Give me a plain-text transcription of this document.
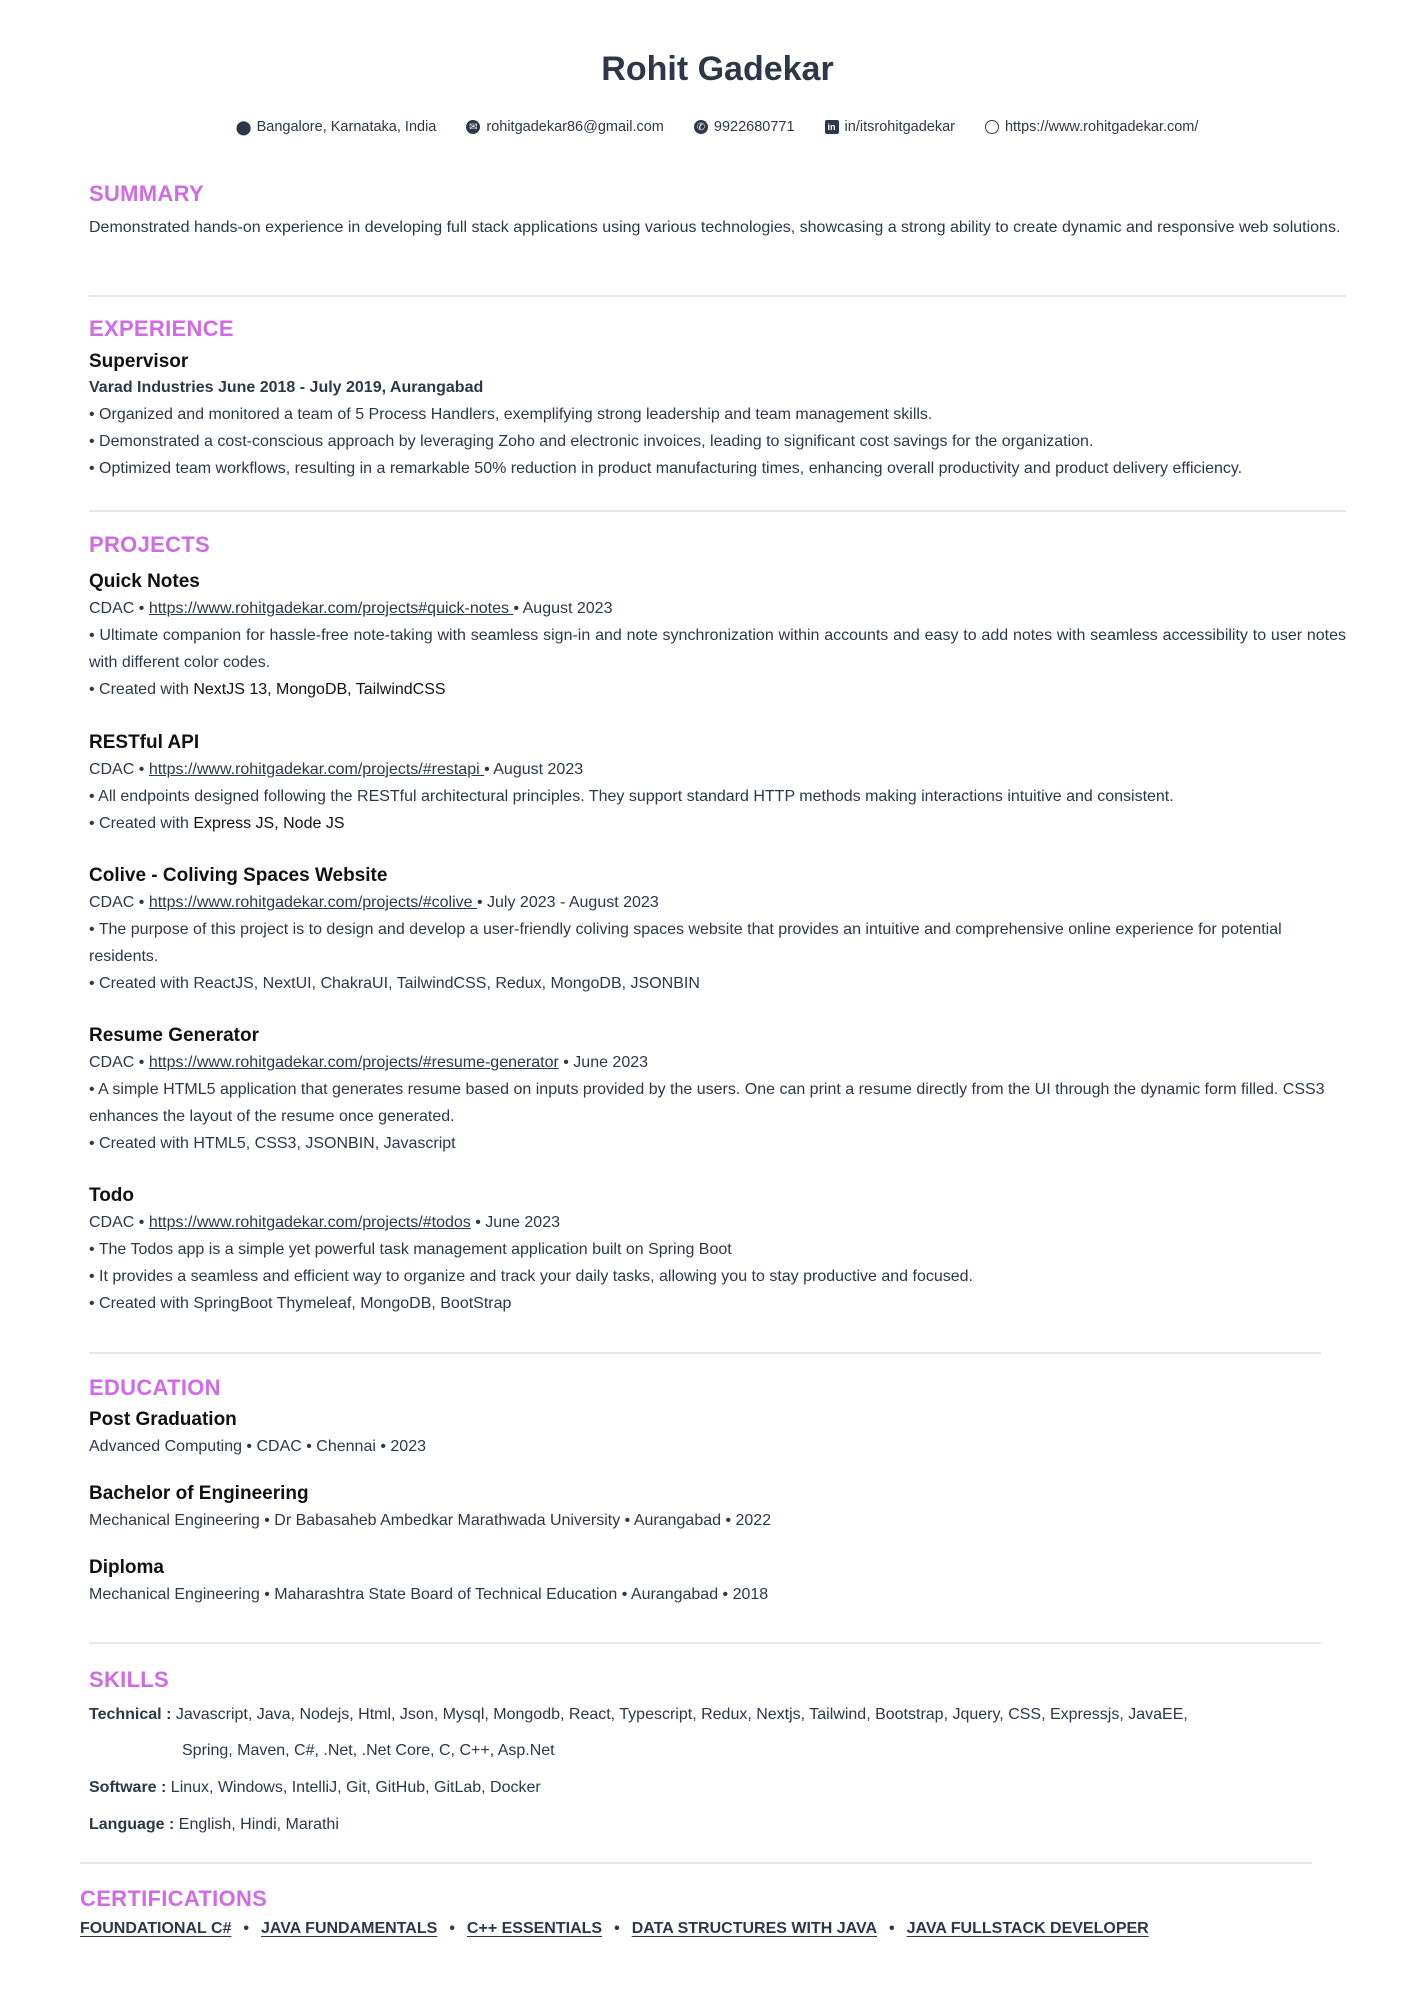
Rohit Gadekar
⬤ Bangalore, Karnataka, India	✉ rohitgadekar86@gmail.com	✆ 9922680771	in in/itsrohitgadekar	https://www.rohitgadekar.com/
SUMMARY
Demonstrated hands-on experience in developing full stack applications using various technologies, showcasing a strong ability to create dynamic and responsive web solutions.
EXPERIENCE
Supervisor
Varad Industries June 2018 - July 2019, Aurangabad
• Organized and monitored a team of 5 Process Handlers, exemplifying strong leadership and team management skills.
• Demonstrated a cost-conscious approach by leveraging Zoho and electronic invoices, leading to significant cost savings for the organization.
• Optimized team workflows, resulting in a remarkable 50% reduction in product manufacturing times, enhancing overall productivity and product delivery efficiency.
PROJECTS
Quick Notes
CDAC • https://www.rohitgadekar.com/projects#quick-notes • August 2023
• Ultimate companion for hassle-free note-taking with seamless sign-in and note synchronization within accounts and easy to add notes with seamless accessibility to user notes with different color codes.
• Created with NextJS 13, MongoDB, TailwindCSS
RESTful API
CDAC • https://www.rohitgadekar.com/projects/#restapi • August 2023
• All endpoints designed following the RESTful architectural principles. They support standard HTTP methods making interactions intuitive and consistent.
• Created with Express JS, Node JS
Colive - Coliving Spaces Website
CDAC • https://www.rohitgadekar.com/projects/#colive • July 2023 - August 2023
• The purpose of this project is to design and develop a user-friendly coliving spaces website that provides an intuitive and comprehensive online experience for potential residents.
• Created with ReactJS, NextUI, ChakraUI, TailwindCSS, Redux, MongoDB, JSONBIN
Resume Generator
CDAC • https://www.rohitgadekar.com/projects/#resume-generator • June 2023
• A simple HTML5 application that generates resume based on inputs provided by the users. One can print a resume directly from the UI through the dynamic form filled. CSS3 enhances the layout of the resume once generated.
• Created with HTML5, CSS3, JSONBIN, Javascript
Todo
CDAC • https://www.rohitgadekar.com/projects/#todos • June 2023
• The Todos app is a simple yet powerful task management application built on Spring Boot
• It provides a seamless and efficient way to organize and track your daily tasks, allowing you to stay productive and focused.
• Created with SpringBoot Thymeleaf, MongoDB, BootStrap
EDUCATION
Post Graduation
Advanced Computing • CDAC • Chennai • 2023
Bachelor of Engineering
Mechanical Engineering • Dr Babasaheb Ambedkar Marathwada University • Aurangabad • 2022
Diploma
Mechanical Engineering • Maharashtra State Board of Technical Education • Aurangabad • 2018
SKILLS
Technical : Javascript, Java, Nodejs, Html, Json, Mysql, Mongodb, React, Typescript, Redux, Nextjs, Tailwind, Bootstrap, Jquery, CSS, Expressjs, JavaEE,
Spring, Maven, C#, .Net, .Net Core, C, C++, Asp.Net
Software : Linux, Windows, IntelliJ, Git, GitHub, GitLab, Docker
Language : English, Hindi, Marathi
CERTIFICATIONS
FOUNDATIONAL C# • JAVA FUNDAMENTALS • C++ ESSENTIALS • DATA STRUCTURES WITH JAVA • JAVA FULLSTACK DEVELOPER
